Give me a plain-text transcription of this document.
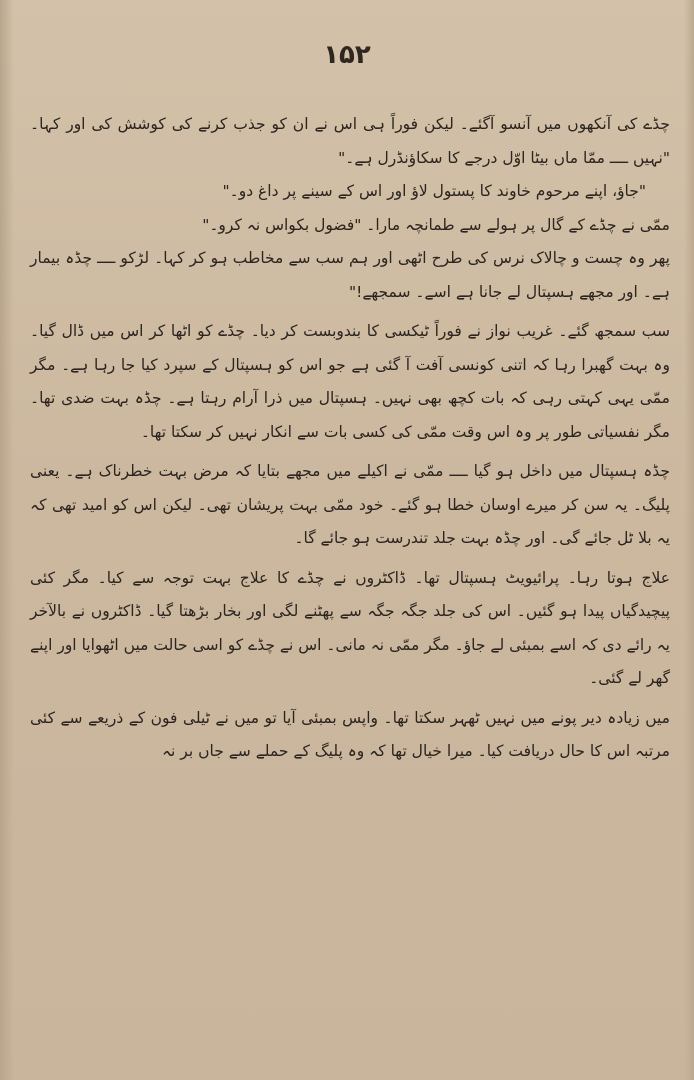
۱۵۲

چڈے کی آنکھوں میں آنسو آگئے۔ لیکن فوراً ہی اس نے ان کو جذب کرنے کی کوشش کی اور کہا۔ "نہیں ــــ ممّا ماں بیٹا اوّل درجے کا سکاؤنڈرل ہے۔"

"جاؤ، اپنے مرحوم خاوند کا پستول لاؤ اور اس کے سینے پر داغ دو۔"

ممّی نے چڈے کے گال پر ہولے سے طمانچہ مارا۔ "فضول بکواس نہ کرو۔"

پھر وہ چست و چالاک نرس کی طرح اٹھی اور ہم سب سے مخاطب ہو کر کہا۔ لڑکو ــــ چڈہ بیمار ہے۔ اور مجھے ہسپتال لے جانا ہے اسے۔ سمجھے!"

سب سمجھ گئے۔ غریب نواز نے فوراً ٹیکسی کا بندوبست کر دیا۔ چڈے کو اٹھا کر اس میں ڈال گیا۔ وہ بہت گھبرا رہا کہ اتنی کونسی آفت آ گئی ہے جو اس کو ہسپتال کے سپرد کیا جا رہا ہے۔ مگر ممّی یہی کہتی رہی کہ بات کچھ بھی نہیں۔ ہسپتال میں ذرا آرام رہتا ہے۔ چڈہ بہت ضدی تھا۔ مگر نفسیاتی طور پر وہ اس وقت ممّی کی کسی بات سے انکار نہیں کر سکتا تھا۔

چڈہ ہسپتال میں داخل ہو گیا ــــ ممّی نے اکیلے میں مجھے بتایا کہ مرض بہت خطرناک ہے۔ یعنی پلیگ۔ یہ سن کر میرے اوسان خطا ہو گئے۔ خود ممّی بہت پریشان تھی۔ لیکن اس کو امید تھی کہ یہ بلا ٹل جائے گی۔ اور چڈہ بہت جلد تندرست ہو جائے گا۔

علاج ہوتا رہا۔ پرائیویٹ ہسپتال تھا۔ ڈاکٹروں نے چڈے کا علاج بہت توجہ سے کیا۔ مگر کئی پیچیدگیاں پیدا ہو گئیں۔ اس کی جلد جگہ جگہ سے پھٹنے لگی اور بخار بڑھتا گیا۔ ڈاکٹروں نے بالآخر یہ رائے دی کہ اسے بمبئی لے جاؤ۔ مگر ممّی نہ مانی۔ اس نے چڈے کو اسی حالت میں اٹھوایا اور اپنے گھر لے گئی۔

میں زیادہ دیر پونے میں نہیں ٹھہر سکتا تھا۔ واپس بمبئی آیا تو میں نے ٹیلی فون کے ذریعے سے کئی مرتبہ اس کا حال دریافت کیا۔ میرا خیال تھا کہ وہ پلیگ کے حملے سے جاں بر نہ
